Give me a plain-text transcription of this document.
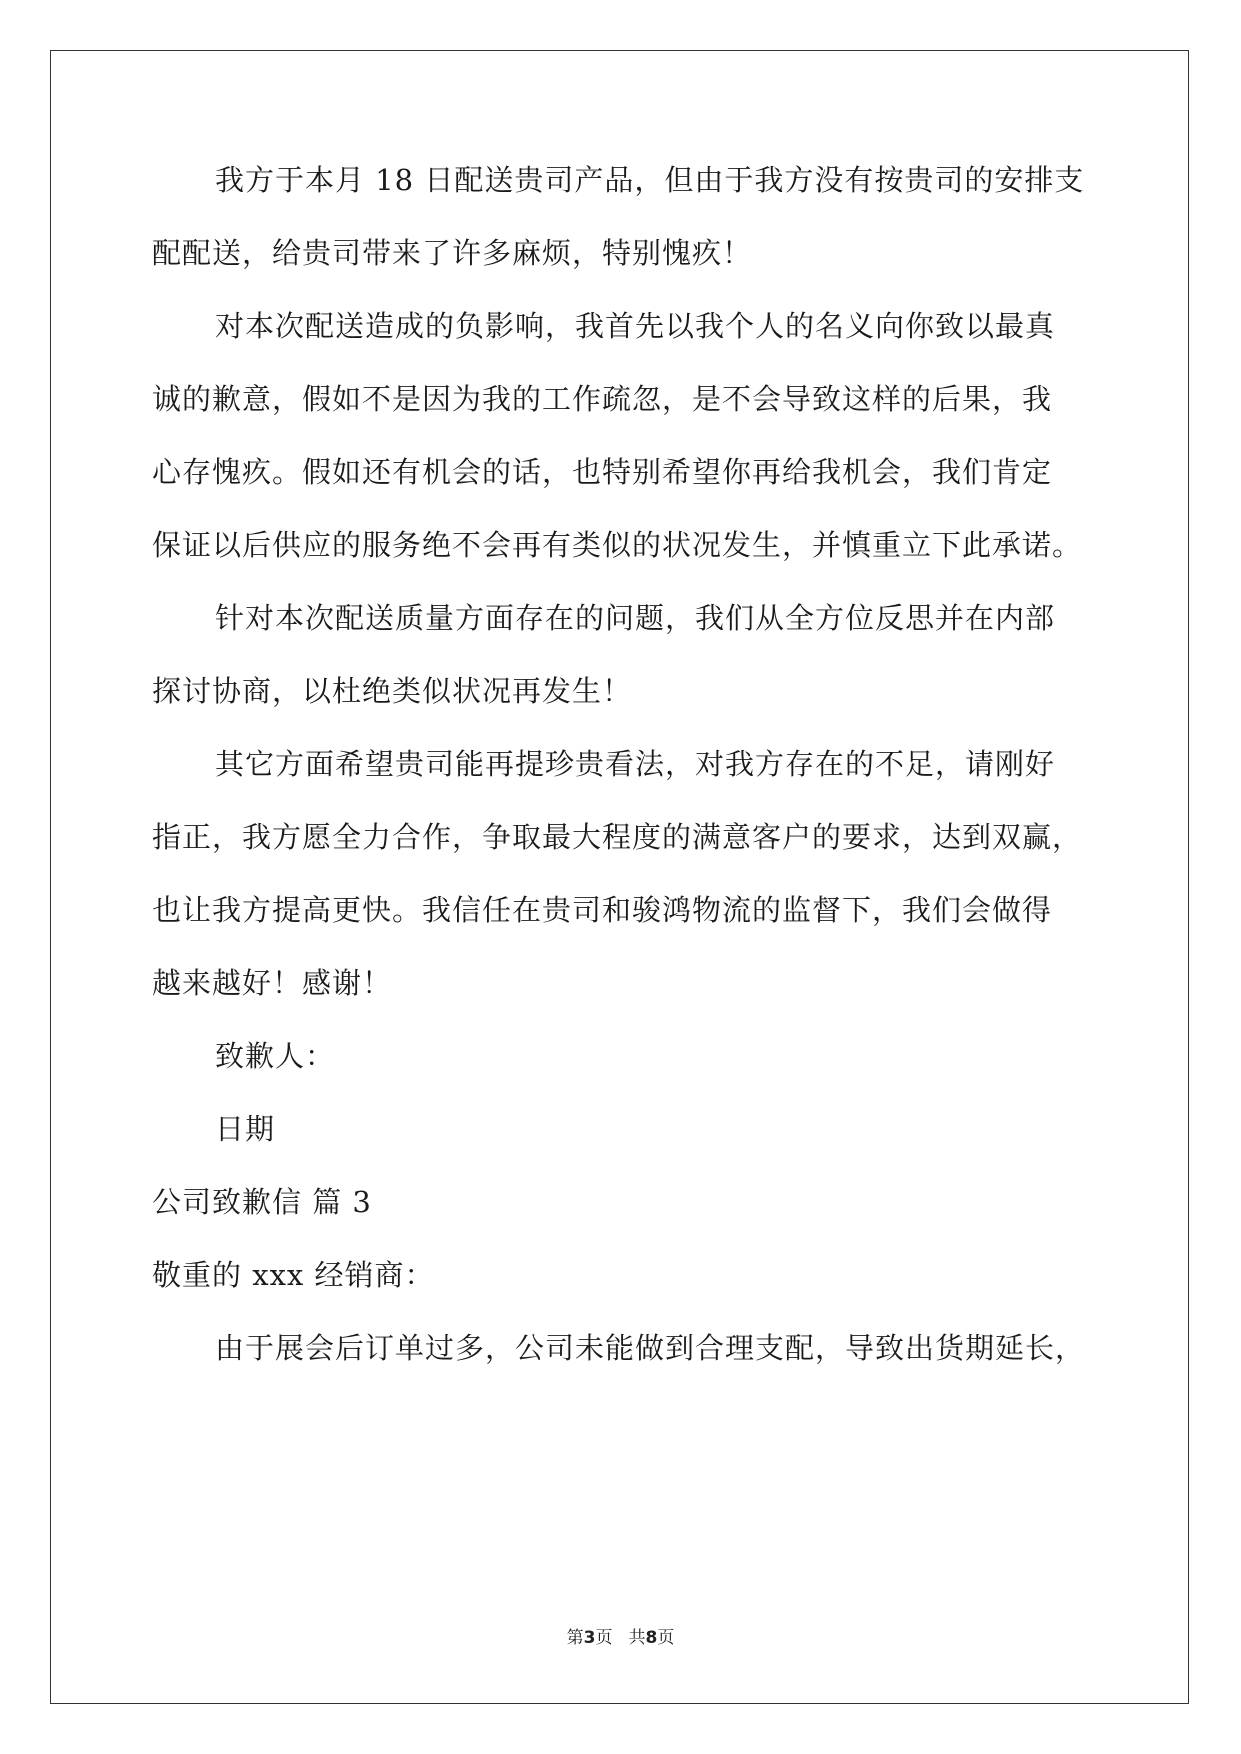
我方于本月 18 日配送贵司产品，但由于我方没有按贵司的安排支
配配送，给贵司带来了许多麻烦，特别愧疚！
对本次配送造成的负影响，我首先以我个人的名义向你致以最真
诚的歉意，假如不是因为我的工作疏忽，是不会导致这样的后果，我
心存愧疚。假如还有机会的话，也特别希望你再给我机会，我们肯定
保证以后供应的服务绝不会再有类似的状况发生，并慎重立下此承诺。
针对本次配送质量方面存在的问题，我们从全方位反思并在内部
探讨协商，以杜绝类似状况再发生！
其它方面希望贵司能再提珍贵看法，对我方存在的不足，请刚好
指正，我方愿全力合作，争取最大程度的满意客户的要求，达到双赢，
也让我方提高更快。我信任在贵司和骏鸿物流的监督下，我们会做得
越来越好！感谢！
致歉人：
日期
公司致歉信 篇 3
敬重的 xxx 经销商：
由于展会后订单过多，公司未能做到合理支配，导致出货期延长，
第3页 共8页
